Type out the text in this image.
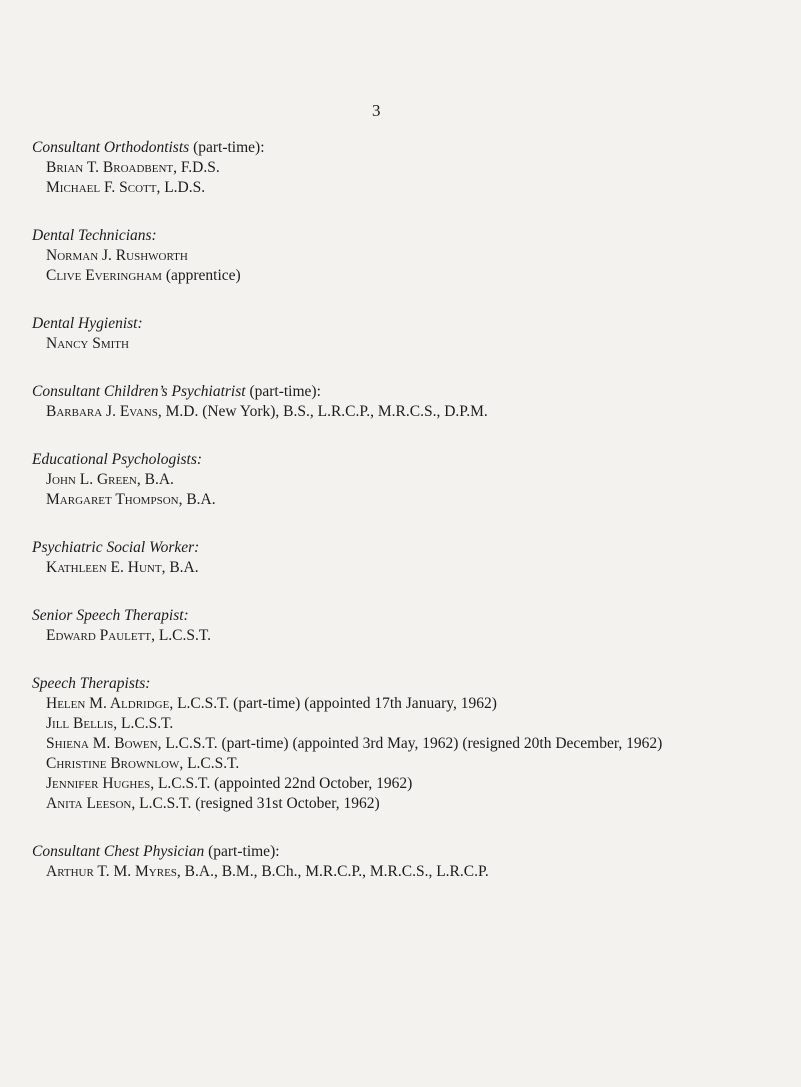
3
Consultant Orthodontists (part-time):
Brian T. Broadbent, F.D.S.
Michael F. Scott, L.D.S.
Dental Technicians:
Norman J. Rushworth
Clive Everingham (apprentice)
Dental Hygienist:
Nancy Smith
Consultant Children’s Psychiatrist (part-time):
Barbara J. Evans, M.D. (New York), B.S., L.R.C.P., M.R.C.S., D.P.M.
Educational Psychologists:
John L. Green, B.A.
Margaret Thompson, B.A.
Psychiatric Social Worker:
Kathleen E. Hunt, B.A.
Senior Speech Therapist:
Edward Paulett, L.C.S.T.
Speech Therapists:
Helen M. Aldridge, L.C.S.T. (part-time) (appointed 17th January, 1962)
Jill Bellis, L.C.S.T.
Shiena M. Bowen, L.C.S.T. (part-time) (appointed 3rd May, 1962) (resigned 20th December, 1962)
Christine Brownlow, L.C.S.T.
Jennifer Hughes, L.C.S.T. (appointed 22nd October, 1962)
Anita Leeson, L.C.S.T. (resigned 31st October, 1962)
Consultant Chest Physician (part-time):
Arthur T. M. Myres, B.A., B.M., B.Ch., M.R.C.P., M.R.C.S., L.R.C.P.
